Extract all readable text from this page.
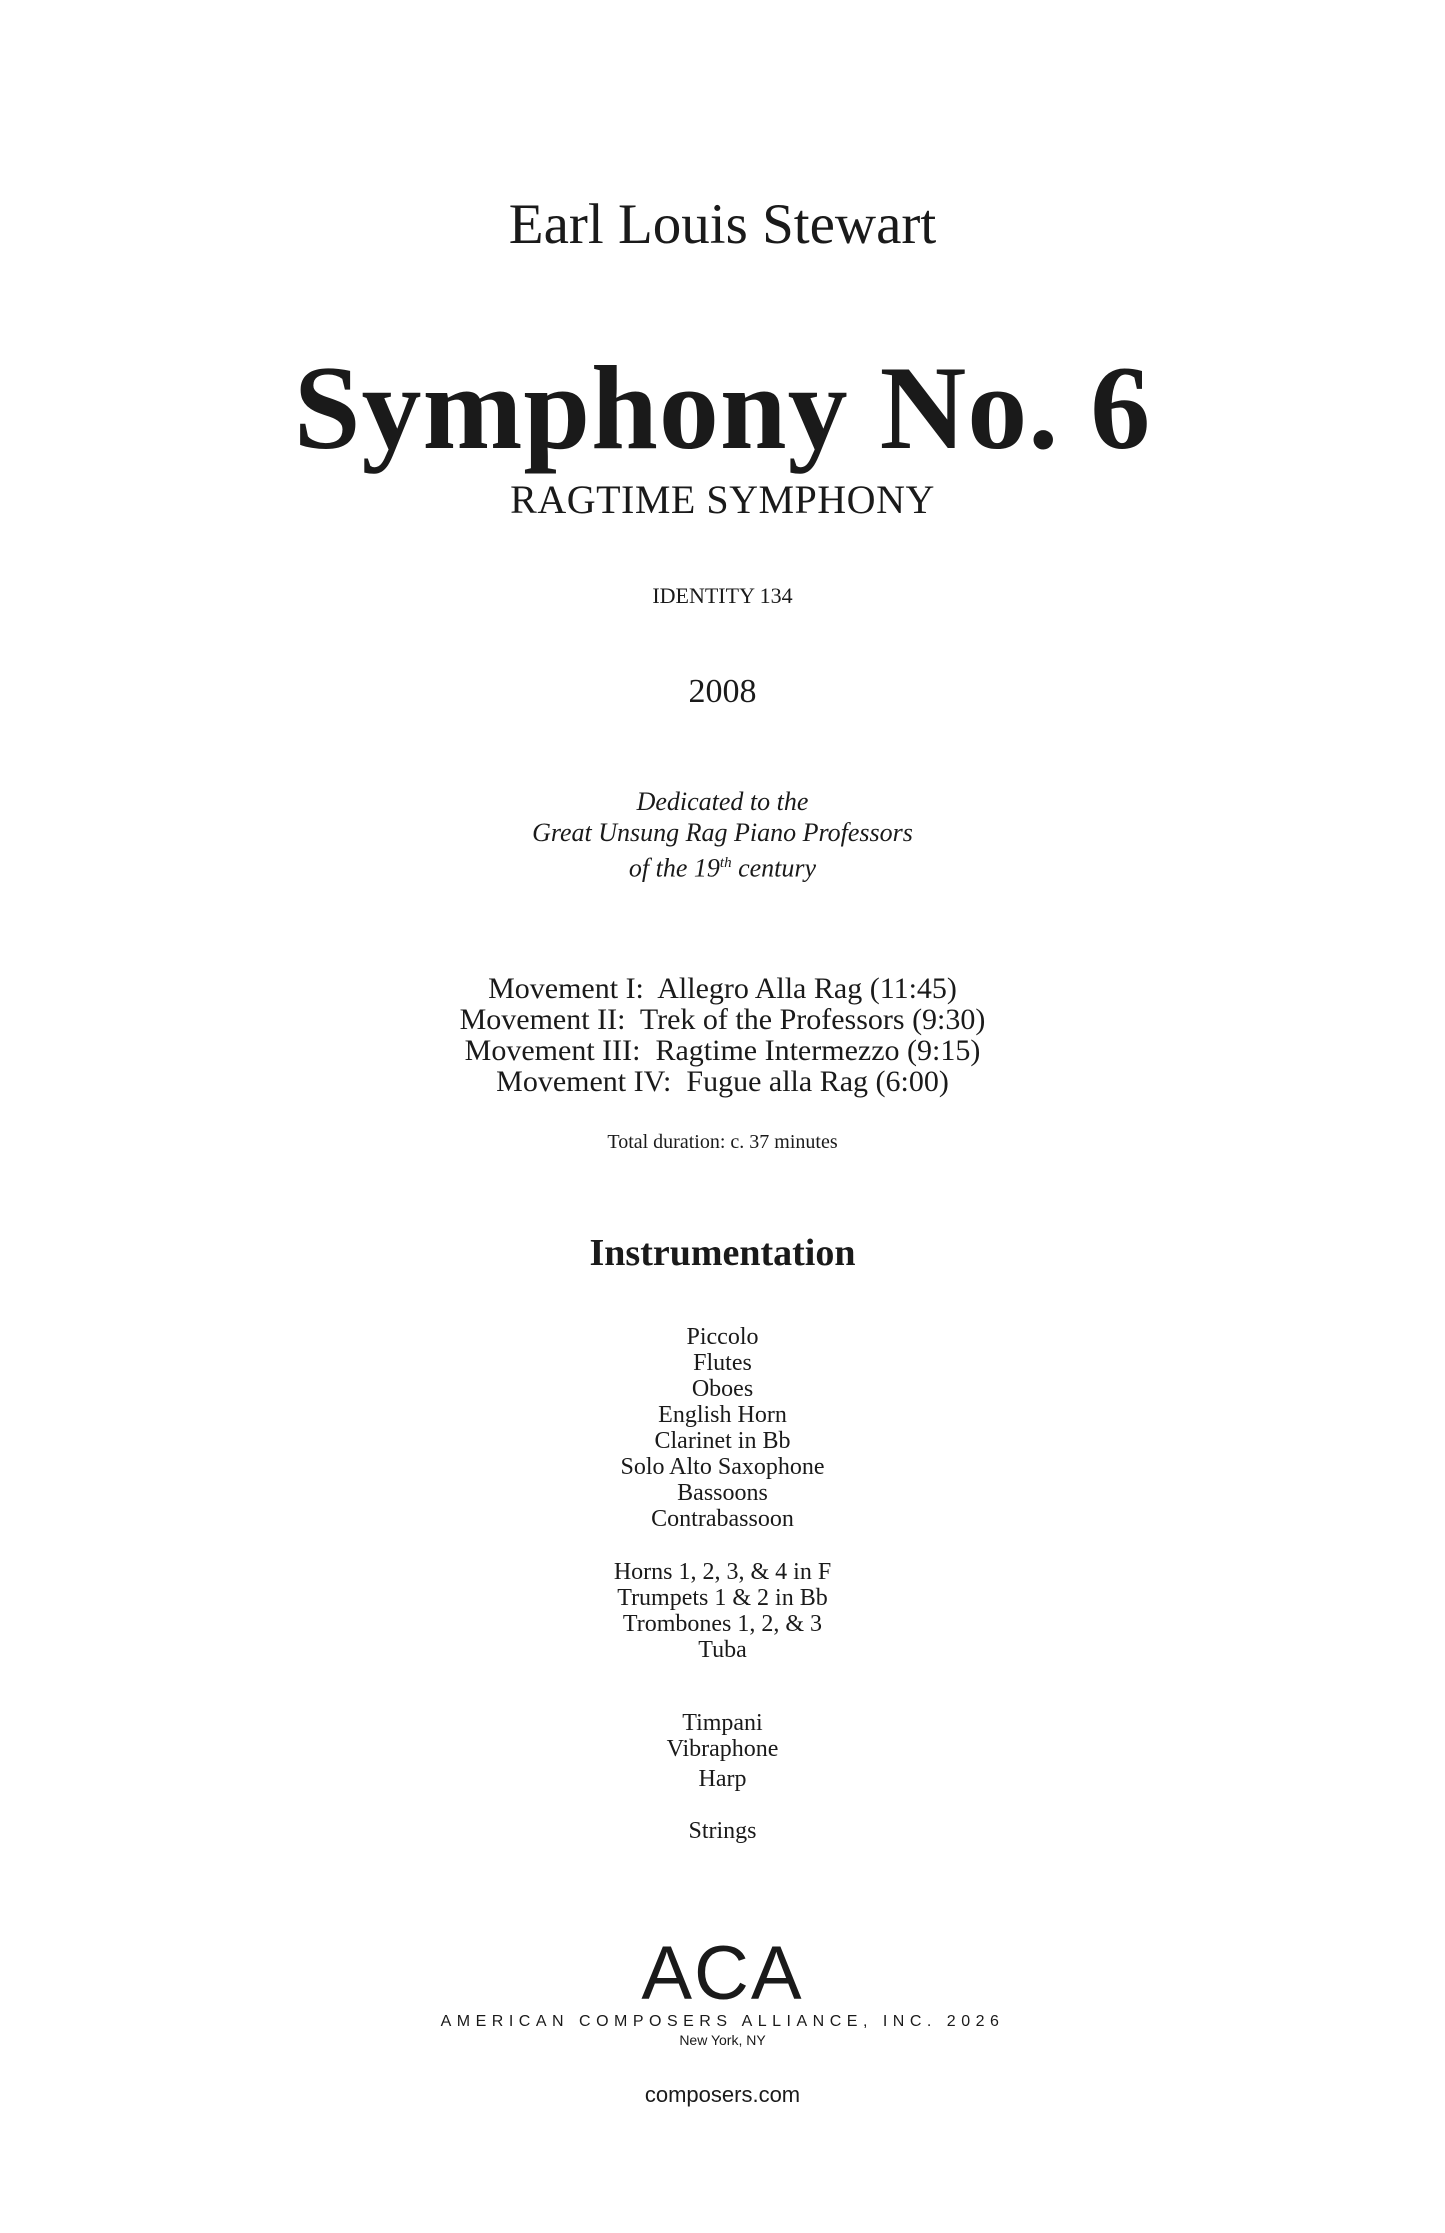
Earl Louis Stewart
Symphony No. 6
RAGTIME SYMPHONY
IDENTITY 134
2008
Dedicated to the
Great Unsung Rag Piano Professors
of the 19th century
Movement I:  Allegro Alla Rag (11:45)
Movement II:  Trek of the Professors (9:30)
Movement III:  Ragtime Intermezzo (9:15)
Movement IV:  Fugue alla Rag (6:00)
Total duration: c. 37 minutes
Instrumentation
Piccolo
Flutes
Oboes
English Horn
Clarinet in Bb
Solo Alto Saxophone
Bassoons
Contrabassoon
Horns 1, 2, 3, & 4 in F
Trumpets 1 & 2 in Bb
Trombones 1, 2, & 3
Tuba
Timpani
Vibraphone
Harp
Strings
ACA
AMERICAN COMPOSERS ALLIANCE, INC. 2026
New York, NY
composers.com
